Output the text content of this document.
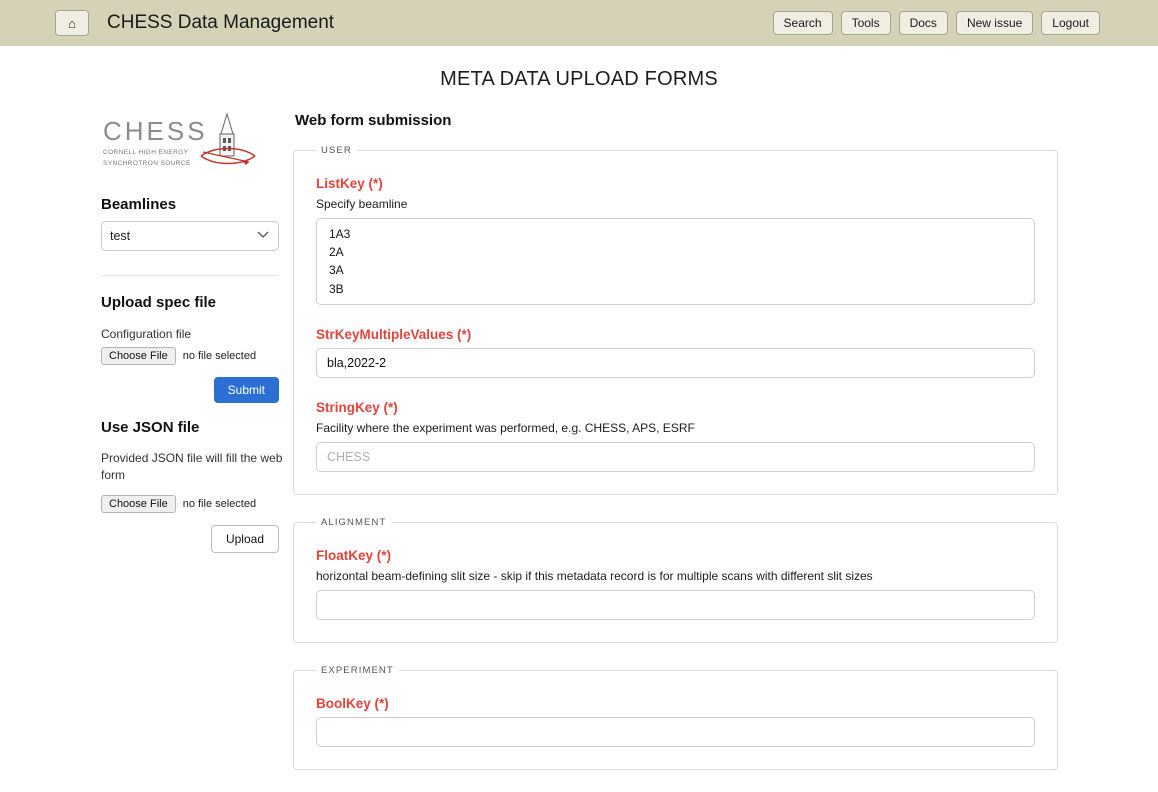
⌂	CHESS Data Management	Search	Tools	Docs	New issue	Logout
META DATA UPLOAD FORMS
CHESS
CORNELL HIGH ENERGY
SYNCHROTRON SOURCE
Beamlines
test
Upload spec file
Configuration file
Choose File	no file selected
Submit
Use JSON file
Provided JSON file will fill the web form
Choose File	no file selected
Upload
Web form submission
USER
ListKey (*)
Specify beamline
1A3
2A
3A
3B
StrKeyMultipleValues (*)
bla,2022-2
StringKey (*)
Facility where the experiment was performed, e.g. CHESS, APS, ESRF
CHESS
ALIGNMENT
FloatKey (*)
horizontal beam-defining slit size - skip if this metadata record is for multiple scans with different slit sizes
EXPERIMENT
BoolKey (*)
